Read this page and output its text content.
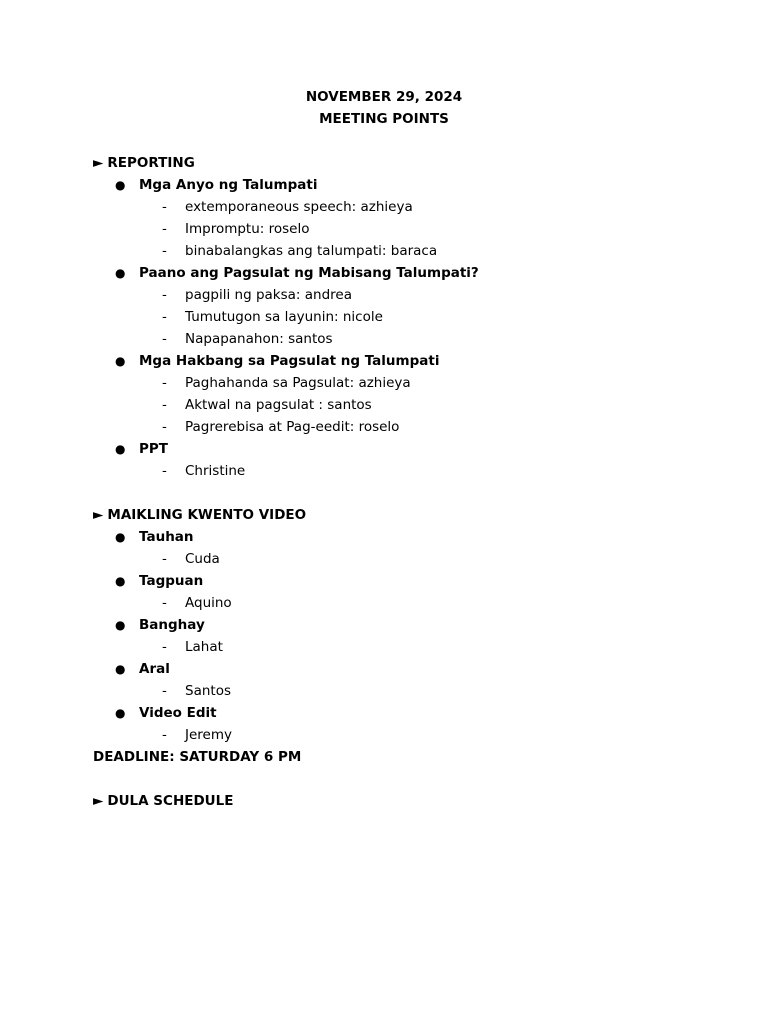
NOVEMBER 29, 2024
MEETING POINTS
► REPORTING
● Mga Anyo ng Talumpati
- extemporaneous speech: azhieya
- Impromptu: roselo
- binabalangkas ang talumpati: baraca
● Paano ang Pagsulat ng Mabisang Talumpati?
- pagpili ng paksa: andrea
- Tumutugon sa layunin: nicole
- Napapanahon: santos
● Mga Hakbang sa Pagsulat ng Talumpati
- Paghahanda sa Pagsulat: azhieya
- Aktwal na pagsulat : santos
- Pagrerebisa at Pag-eedit: roselo
● PPT
- Christine
► MAIKLING KWENTO VIDEO
● Tauhan
- Cuda
● Tagpuan
- Aquino
● Banghay
- Lahat
● Aral
- Santos
● Video Edit
- Jeremy
DEADLINE: SATURDAY 6 PM
► DULA SCHEDULE
